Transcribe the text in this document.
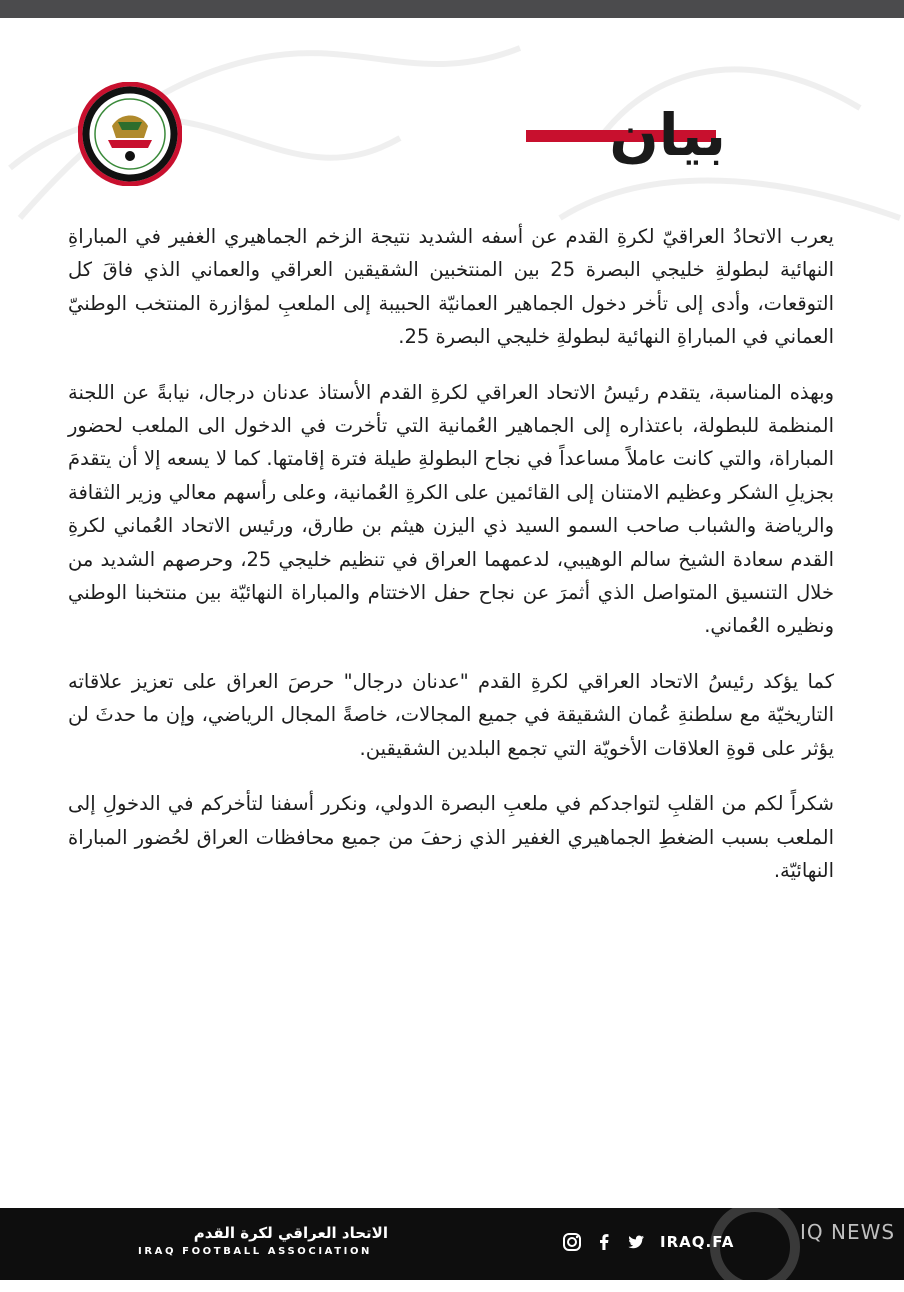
بيان

يعرب الاتحادُ العراقيّ لكرةِ القدم عن أسفه الشديد نتيجة الزخم الجماهيري الغفير في المباراةِ النهائية لبطولةِ خليجي البصرة 25 بين المنتخبين الشقيقين العراقي والعماني الذي فاقَ كل التوقعات، وأدى إلى تأخر دخول الجماهير العمانيّة الحبيبة إلى الملعبِ لمؤازرة المنتخب الوطنيّ العماني في المباراةِ النهائية لبطولةِ خليجي البصرة 25.

وبهذه المناسبة، يتقدم رئيسُ الاتحاد العراقي لكرةِ القدم الأستاذ عدنان درجال، نيابةً عن اللجنة المنظمة للبطولة، باعتذاره إلى الجماهير العُمانية التي تأخرت في الدخول الى الملعب لحضور المباراة، والتي كانت عاملاً مساعداً في نجاح البطولةِ طيلة فترة إقامتها. كما لا يسعه إلا أن يتقدمَ بجزيلِ الشكر وعظيم الامتنان إلى القائمين على الكرةِ العُمانية، وعلى رأسهم معالي وزير الثقافة والرياضة والشباب صاحب السمو السيد ذي اليزن هيثم بن طارق، ورئيس الاتحاد العُماني لكرةِ القدم سعادة الشيخ سالم الوهيبي، لدعمهما العراق في تنظيم خليجي 25، وحرصهم الشديد من خلال التنسيق المتواصل الذي أثمرَ عن نجاح حفل الاختتام والمباراة النهائيّة بين منتخبنا الوطني ونظيره العُماني.

كما يؤكد رئيسُ الاتحاد العراقي لكرةِ القدم "عدنان درجال" حرصَ العراق على تعزيز علاقاته التاريخيّة مع سلطنةِ عُمان الشقيقة في جميع المجالات، خاصةً المجال الرياضي، وإن ما حدثَ لن يؤثر على قوةِ العلاقات الأخويّة التي تجمع البلدين الشقيقين.

شكراً لكم من القلبِ لتواجدكم في ملعبِ البصرة الدولي، ونكرر أسفنا لتأخركم في الدخولِ إلى الملعب بسبب الضغطِ الجماهيري الغفير الذي زحفَ من جميع محافظات العراق لحُضور المباراة النهائيّة.

الاتحاد العراقي لكرة القدم
IRAQ FOOTBALL ASSOCIATION
IRAQ.FA	IQ NEWS
